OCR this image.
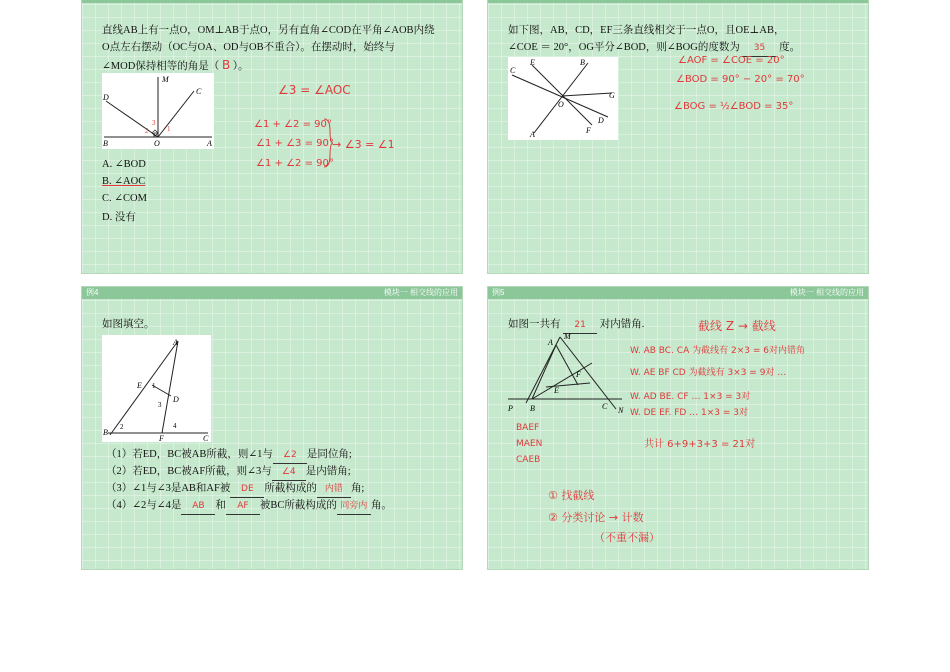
直线AB上有一点O，OM⊥AB于点O，另有直角∠COD在平角∠AOB内绕
O点左右摆动（OC与OA、OD与OB不重合）。在摆动时，始终与
∠MOD保持相等的角是（ B ）。
M
C
D
B	O	A
2
3
1
A. ∠BOD
B. ∠AOC
C. ∠COM
D. 没有
∠3 = ∠AOC
∠1 + ∠2 = 90°
∠1 + ∠3 = 90°
→ ∠3 = ∠1
∠1 + ∠2 = 90°
如下图，AB，CD，EF三条直线相交于一点O，且OE⊥AB，
∠COE ＝ 20°，OG平分∠BOD，则∠BOG的度数为 35 度。
C
E	B
O
G
D
F
A
∠AOF = ∠COE = 20°
∠BOD = 90° − 20° = 70°
∠BOG = ½∠BOD = 35°
例4	模块一 相交线的应用
如图填空。
A
E
D
B
F	C
1
2
3
4
（1）若ED，BC被AB所截，则∠1与 ∠2 是同位角;
（2）若ED，BC被AF所截，则∠3与 ∠4 是内错角;
（3）∠1与∠3是AB和AF被 DE 所截构成的 内错 角;
（4）∠2与∠4是 AB 和 AF 被BC所截构成的 同旁内 角。
例5	模块一 相交线的应用
如图一共有 21 对内错角.
A
M
F
E
B	C N
P
截线 Z → 截线
W. AB BC. CA 为截线有 2×3 = 6对内错角
W. AE BF CD 为截线有 3×3 = 9对 …
W. AD BE. CF … 1×3 = 3对
W. DE EF. FD … 1×3 = 3对
BAEF
MAEN
CAEB
共计 6+9+3+3 = 21对
① 找截线
② 分类讨论 → 计数
（不重不漏）
